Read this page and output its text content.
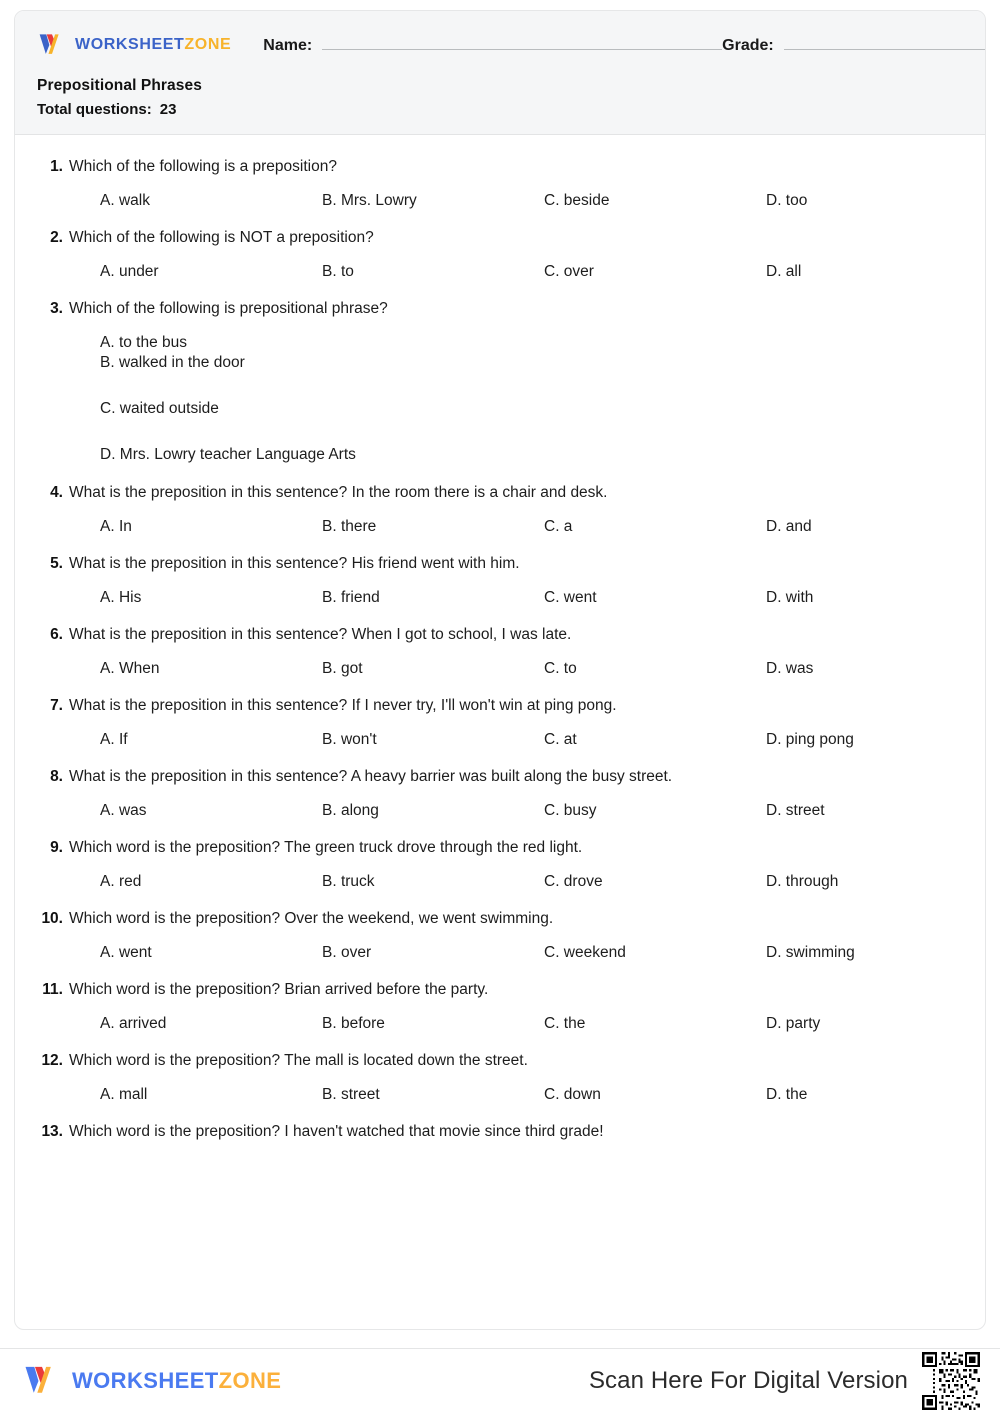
WORKSHEETZONE Name:	Grade:
Prepositional Phrases
Total questions: 23
1. Which of the following is a preposition?
A. walk	B. Mrs. Lowry	C. beside	D. too
2. Which of the following is NOT a preposition?
A. under	B. to	C. over	D. all
3. Which of the following is prepositional phrase?
A. to the bus
B. walked in the door
C. waited outside
D. Mrs. Lowry teacher Language Arts
4. What is the preposition in this sentence? In the room there is a chair and desk.
A. In	B. there	C. a	D. and
5. What is the preposition in this sentence? His friend went with him.
A. His	B. friend	C. went	D. with
6. What is the preposition in this sentence? When I got to school, I was late.
A. When	B. got	C. to	D. was
7. What is the preposition in this sentence? If I never try, I'll won't win at ping pong.
A. If	B. won't	C. at	D. ping pong
8. What is the preposition in this sentence? A heavy barrier was built along the busy street.
A. was	B. along	C. busy	D. street
9. Which word is the preposition? The green truck drove through the red light.
A. red	B. truck	C. drove	D. through
10. Which word is the preposition? Over the weekend, we went swimming.
A. went	B. over	C. weekend	D. swimming
11. Which word is the preposition? Brian arrived before the party.
A. arrived	B. before	C. the	D. party
12. Which word is the preposition? The mall is located down the street.
A. mall	B. street	C. down	D. the
13. Which word is the preposition? I haven't watched that movie since third grade!
WORKSHEETZONE	Scan Here For Digital Version
